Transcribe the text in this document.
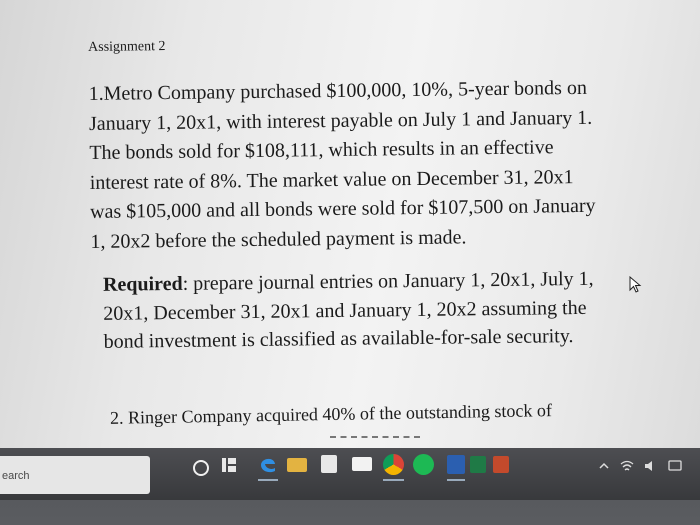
Assignment 2

1.Metro Company purchased $100,000, 10%, 5-year bonds on
January 1, 20x1, with interest payable on July 1 and January 1.
The bonds sold for $108,111, which results in an effective
interest rate of 8%. The market value on December 31, 20x1
was $105,000 and all bonds were sold for $107,500 on January
1, 20x2 before the scheduled payment is made.

Required: prepare journal entries on January 1, 20x1, July 1,
20x1, December 31, 20x1 and January 1, 20x2 assuming the
bond investment is classified as available-for-sale security.

2. Ringer Company acquired 40% of the outstanding stock of
earch
